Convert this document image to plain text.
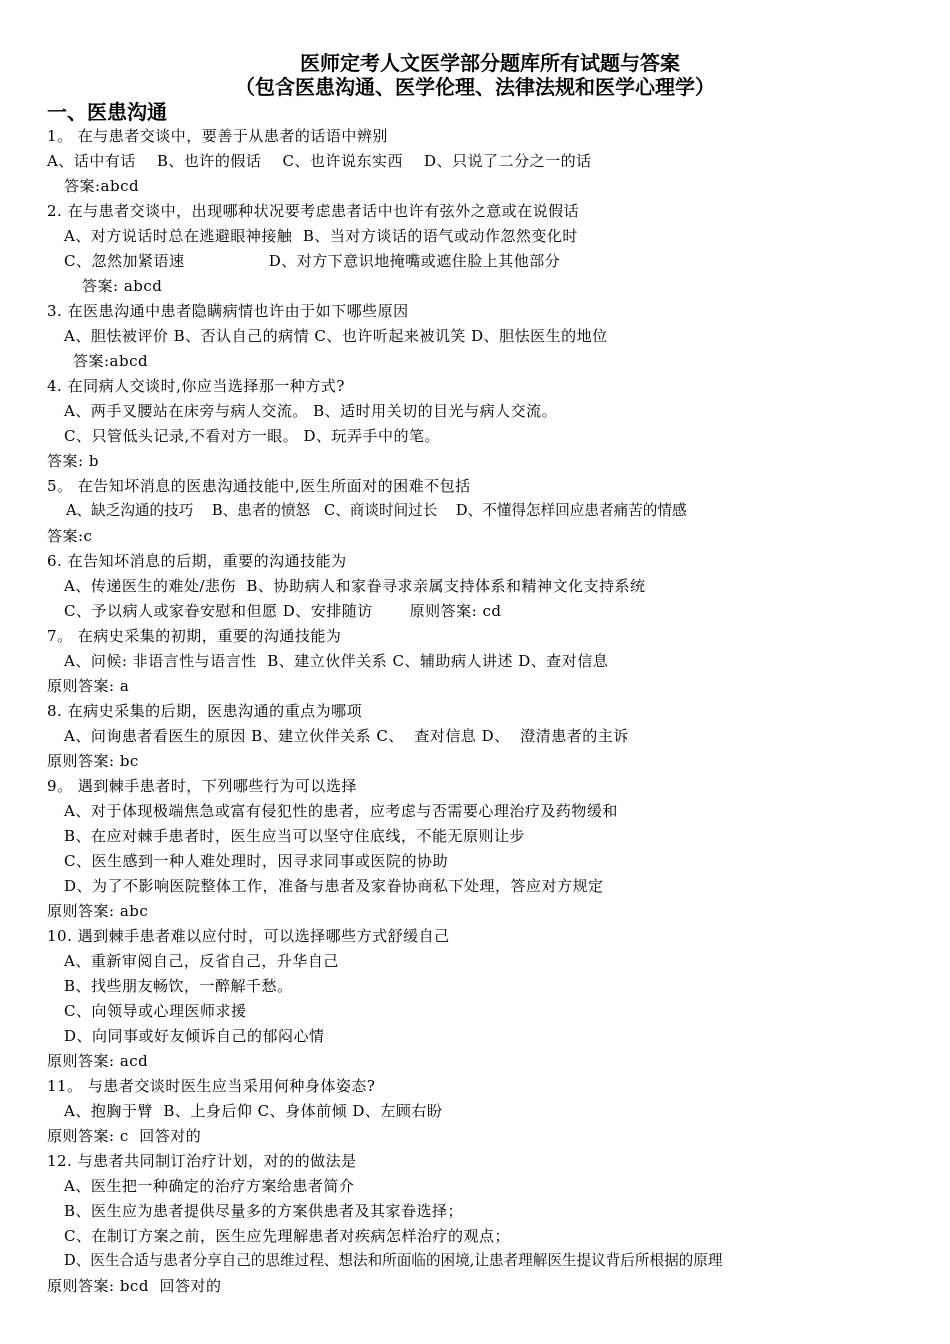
医师定考人文医学部分题库所有试题与答案
（包含医患沟通、医学伦理、法律法规和医学心理学）
一、医患沟通
1。 在与患者交谈中，要善于从患者的话语中辨别
A、话中有话    B、也许的假话    C、也许说东实西    D、只说了二分之一的话
答案:abcd
2. 在与患者交谈中，出现哪种状况要考虑患者话中也许有弦外之意或在说假话
A、对方说话时总在逃避眼神接触  B、当对方谈话的语气或动作忽然变化时
C、忽然加紧语速                D、对方下意识地掩嘴或遮住脸上其他部分
答案: abcd
3. 在医患沟通中患者隐瞒病情也许由于如下哪些原因
A、胆怯被评价 B、否认自己的病情 C、也许听起来被讥笑 D、胆怯医生的地位
答案:abcd
4. 在同病人交谈时,你应当选择那一种方式?
A、两手叉腰站在床旁与病人交流。 B、适时用关切的目光与病人交流。
C、只管低头记录,不看对方一眼。 D、玩弄手中的笔。
答案: b
5。 在告知坏消息的医患沟通技能中,医生所面对的困难不包括
A、缺乏沟通的技巧    B、患者的愤怒   C、商谈时间过长    D、不懂得怎样回应患者痛苦的情感
答案:c
6. 在告知坏消息的后期，重要的沟通技能为
A、传递医生的难处/悲伤  B、协助病人和家眷寻求亲属支持体系和精神文化支持系统
C、予以病人或家眷安慰和但愿 D、安排随访       原则答案: cd
7。 在病史采集的初期，重要的沟通技能为
A、问候: 非语言性与语言性  B、建立伙伴关系 C、辅助病人讲述 D、查对信息
原则答案: a
8. 在病史采集的后期，医患沟通的重点为哪项
A、问询患者看医生的原因 B、建立伙伴关系 C、  查对信息 D、  澄清患者的主诉
原则答案: bc
9。 遇到棘手患者时，下列哪些行为可以选择
A、对于体现极端焦急或富有侵犯性的患者，应考虑与否需要心理治疗及药物缓和
B、在应对棘手患者时，医生应当可以坚守住底线，不能无原则让步
C、医生感到一种人难处理时，因寻求同事或医院的协助
D、为了不影响医院整体工作，准备与患者及家眷协商私下处理，答应对方规定
原则答案: abc
10. 遇到棘手患者难以应付时，可以选择哪些方式舒缓自己
A、重新审阅自己，反省自己，升华自己
B、找些朋友畅饮，一醉解千愁。
C、向领导或心理医师求援
D、向同事或好友倾诉自己的郁闷心情
原则答案: acd
11。 与患者交谈时医生应当采用何种身体姿态?
A、抱胸于臂  B、上身后仰 C、身体前倾 D、左顾右盼
原则答案: c  回答对的
12. 与患者共同制订治疗计划，对的的做法是
A、医生把一种确定的治疗方案给患者简介
B、医生应为患者提供尽量多的方案供患者及其家眷选择；
C、在制订方案之前，医生应先理解患者对疾病怎样治疗的观点；
D、医生合适与患者分享自己的思维过程、想法和所面临的困境,让患者理解医生提议背后所根据的原理
原则答案: bcd  回答对的
